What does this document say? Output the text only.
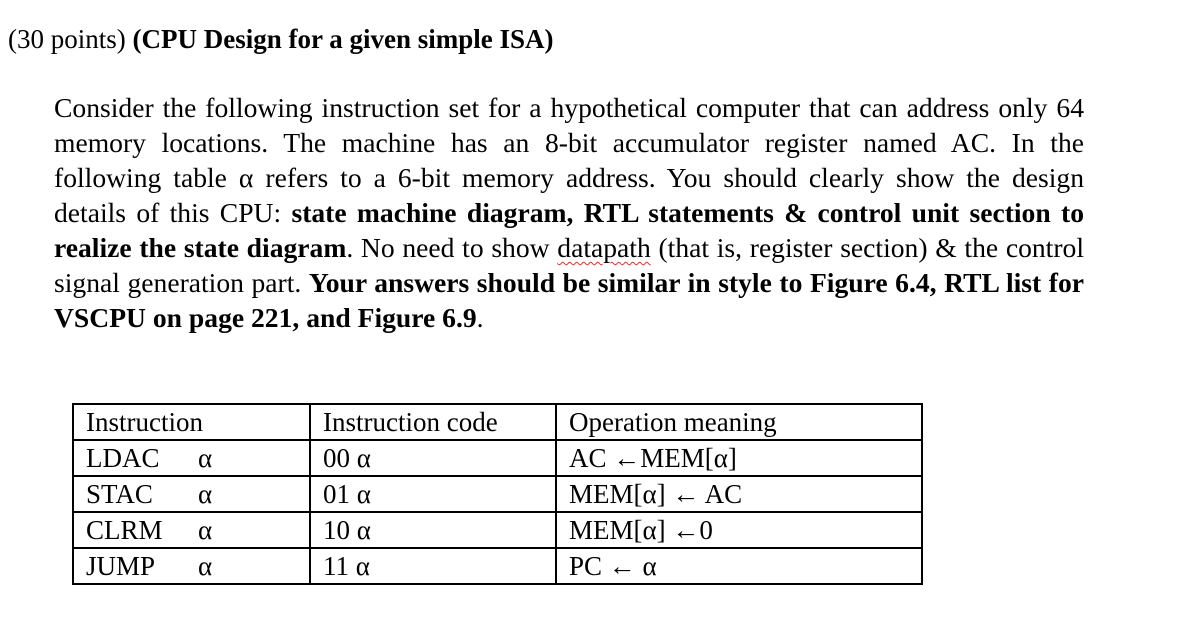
(30 points) (CPU Design for a given simple ISA)
Consider the following instruction set for a hypothetical computer that can address only 64 memory locations. The machine has an 8-bit accumulator register named AC. In the following table α refers to a 6-bit memory address. You should clearly show the design details of this CPU: state machine diagram, RTL statements & control unit section to realize the state diagram. No need to show datapath (that is, register section) & the control signal generation part. Your answers should be similar in style to Figure 6.4, RTL list for VSCPU on page 221, and Figure 6.9.
Instruction	Instruction code	Operation meaning
LDAC α	00 α	AC ←MEM[α]
STAC α	01 α	MEM[α] ← AC
CLRM α	10 α	MEM[α] ←0
JUMP α	11 α	PC ← α
